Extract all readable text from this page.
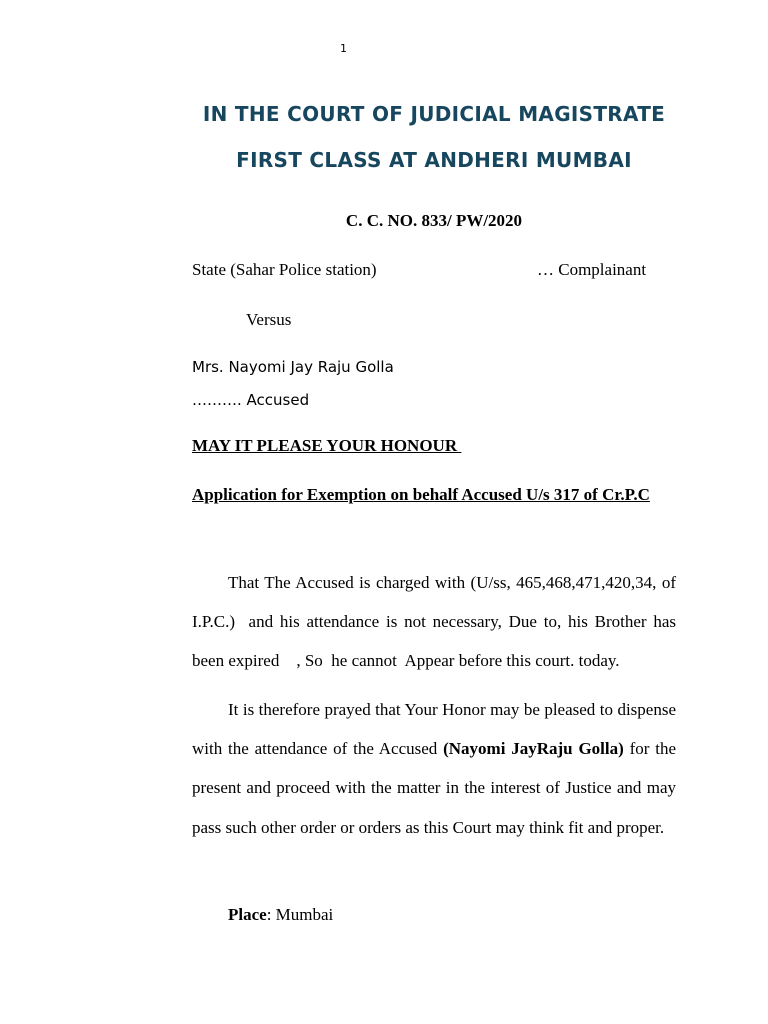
1
IN THE COURT OF JUDICIAL MAGISTRATE
FIRST CLASS AT ANDHERI MUMBAI
C. C. NO. 833/ PW/2020
State (Sahar Police station)	… Complainant
Versus
Mrs. Nayomi Jay Raju Golla
………. Accused
MAY IT PLEASE YOUR HONOUR
Application for Exemption on behalf Accused U/s 317 of Cr.P.C
That The Accused is charged with (U/ss, 465,468,471,420,34, of I.P.C.)  and his attendance is not necessary, Due to, his Brother has been expired    , So  he cannot  Appear before this court. today.
It is therefore prayed that Your Honor may be pleased to dispense with the attendance of the Accused (Nayomi JayRaju Golla) for the present and proceed with the matter in the interest of Justice and may pass such other order or orders as this Court may think fit and proper.
Place: Mumbai
